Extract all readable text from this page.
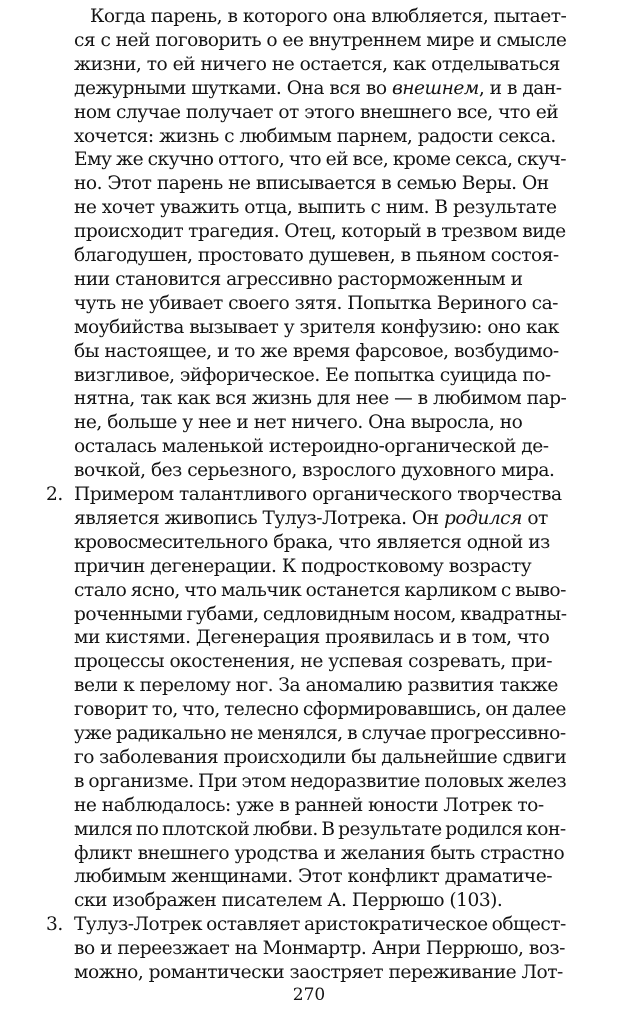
Когда парень, в которого она влюбляется, пытает-
ся с ней поговорить о ее внутреннем мире и смысле
жизни, то ей ничего не остается, как отделываться
дежурными шутками. Она вся во внешнем, и в дан-
ном случае получает от этого внешнего все, что ей
хочется: жизнь с любимым парнем, радости секса.
Ему же скучно оттого, что ей все, кроме секса, скуч-
но. Этот парень не вписывается в семью Веры. Он
не хочет уважить отца, выпить с ним. В результате
происходит трагедия. Отец, который в трезвом виде
благодушен, простовато душевен, в пьяном состоя-
нии становится агрессивно расторможенным и
чуть не убивает своего зятя. Попытка Вериного са-
моубийства вызывает у зрителя конфузию: оно как
бы настоящее, и то же время фарсовое, возбудимо-
визгливое, эйфорическое. Ее попытка суицида по-
нятна, так как вся жизнь для нее — в любимом пар-
не, больше у нее и нет ничего. Она выросла, но
осталась маленькой истероидно-органической де-
вочкой, без серьезного, взрослого духовного мира.
2. Примером талантливого органического творчества
является живопись Тулуз-Лотрека. Он родился от
кровосмесительного брака, что является одной из
причин дегенерации. К подростковому возрасту
стало ясно, что мальчик останется карликом с выво-
роченными губами, седловидным носом, квадратны-
ми кистями. Дегенерация проявилась и в том, что
процессы окостенения, не успевая созревать, при-
вели к перелому ног. За аномалию развития также
говорит то, что, телесно сформировавшись, он далее
уже радикально не менялся, в случае прогрессивно-
го заболевания происходили бы дальнейшие сдвиги
в организме. При этом недоразвитие половых желез
не наблюдалось: уже в ранней юности Лотрек то-
мился по плотской любви. В результате родился кон-
фликт внешнего уродства и желания быть страстно
любимым женщинами. Этот конфликт драматиче-
ски изображен писателем А. Перрюшо (103).
3. Тулуз-Лотрек оставляет аристократическое общест-
во и переезжает на Монмартр. Анри Перрюшо, воз-
можно, романтически заостряет переживание Лот-
270
